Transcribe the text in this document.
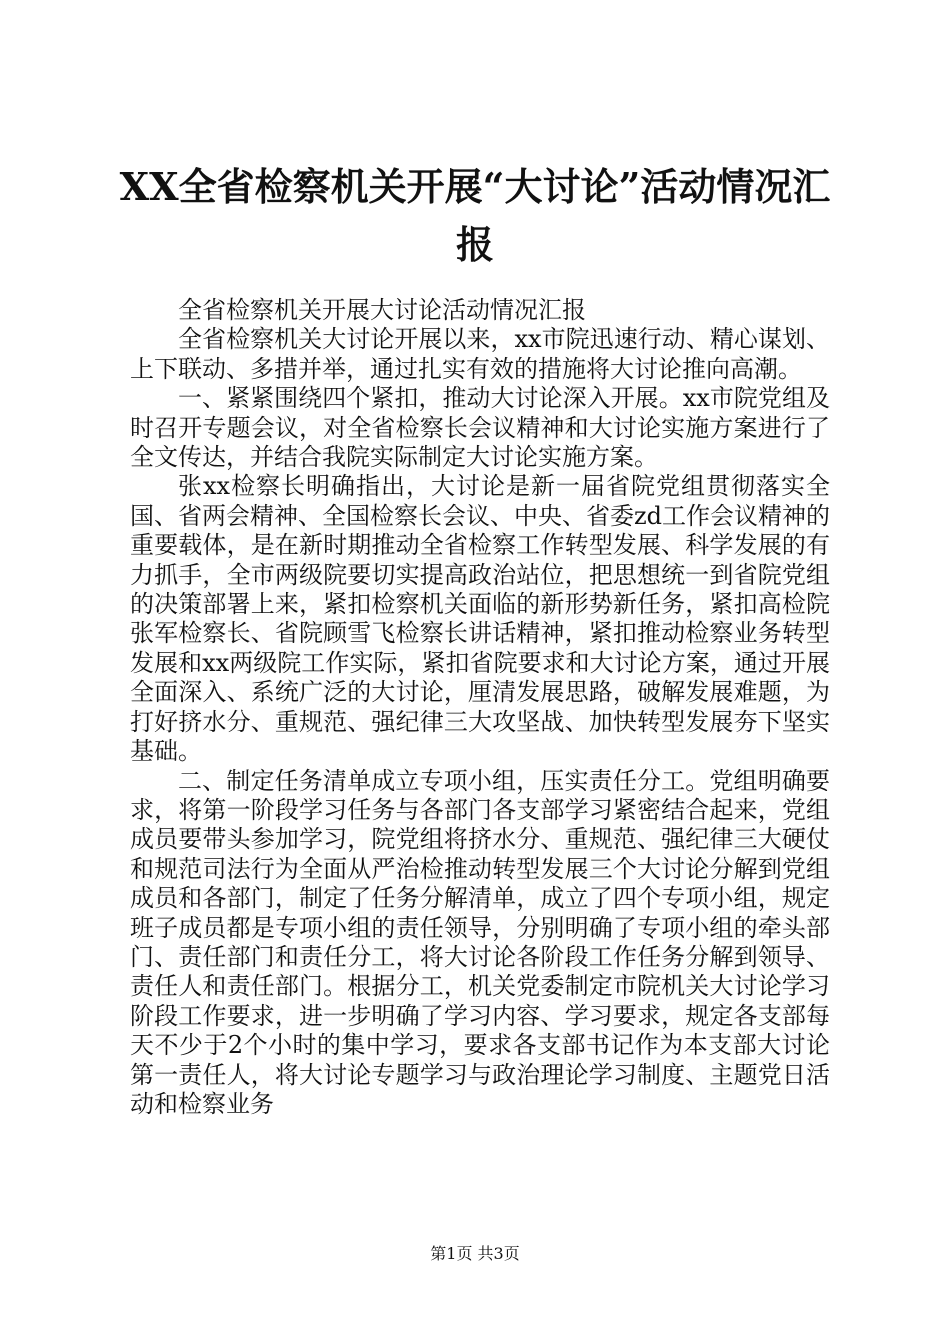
XX全省检察机关开展“大讨论”活动情况汇报

全省检察机关开展大讨论活动情况汇报

全省检察机关大讨论开展以来，xx市院迅速行动、精心谋划、上下联动、多措并举，通过扎实有效的措施将大讨论推向高潮。

一、紧紧围绕四个紧扣，推动大讨论深入开展。xx市院党组及时召开专题会议，对全省检察长会议精神和大讨论实施方案进行了全文传达，并结合我院实际制定大讨论实施方案。

张xx检察长明确指出，大讨论是新一届省院党组贯彻落实全国、省两会精神、全国检察长会议、中央、省委zd工作会议精神的重要载体，是在新时期推动全省检察工作转型发展、科学发展的有力抓手，全市两级院要切实提高政治站位，把思想统一到省院党组的决策部署上来，紧扣检察机关面临的新形势新任务，紧扣高检院张军检察长、省院顾雪飞检察长讲话精神，紧扣推动检察业务转型发展和xx两级院工作实际，紧扣省院要求和大讨论方案，通过开展全面深入、系统广泛的大讨论，厘清发展思路，破解发展难题，为打好挤水分、重规范、强纪律三大攻坚战、加快转型发展夯下坚实基础。

二、制定任务清单成立专项小组，压实责任分工。党组明确要求，将第一阶段学习任务与各部门各支部学习紧密结合起来，党组成员要带头参加学习，院党组将挤水分、重规范、强纪律三大硬仗和规范司法行为全面从严治检推动转型发展三个大讨论分解到党组成员和各部门，制定了任务分解清单，成立了四个专项小组，规定班子成员都是专项小组的责任领导，分别明确了专项小组的牵头部门、责任部门和责任分工，将大讨论各阶段工作任务分解到领导、责任人和责任部门。根据分工，机关党委制定市院机关大讨论学习阶段工作要求，进一步明确了学习内容、学习要求，规定各支部每天不少于2个小时的集中学习，要求各支部书记作为本支部大讨论第一责任人，将大讨论专题学习与政治理论学习制度、主题党日活动和检察业务

第1页 共3页
